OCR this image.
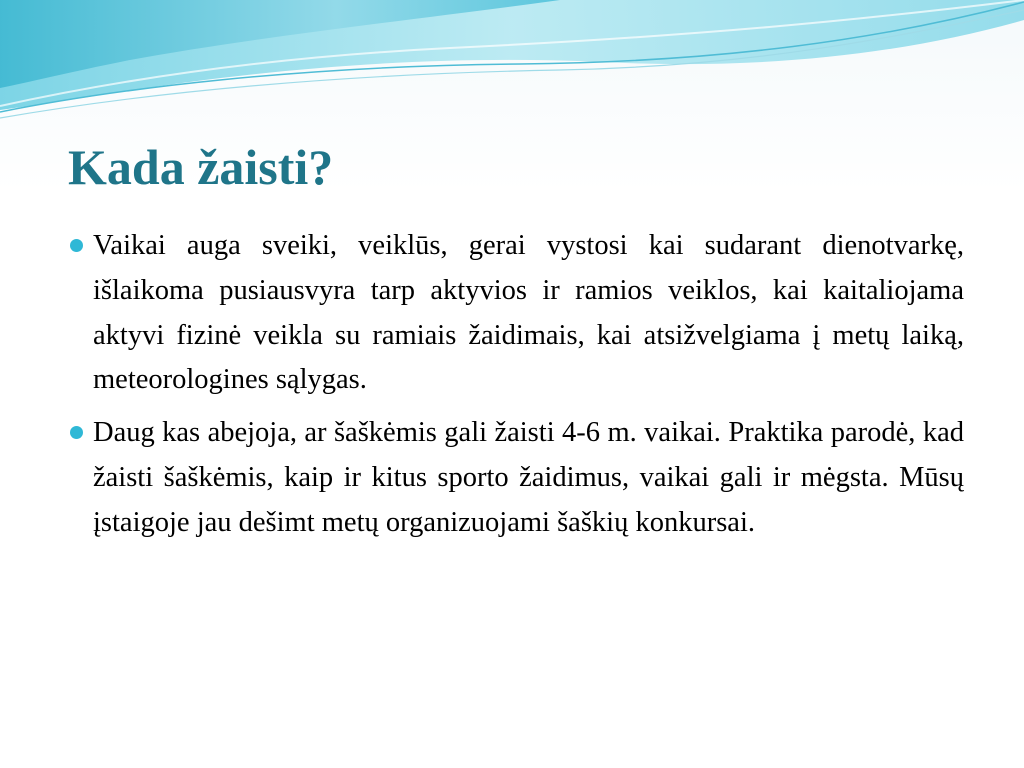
Kada žaisti?
Vaikai auga sveiki, veiklūs, gerai vystosi kai sudarant dienotvarkę, išlaikoma pusiausvyra tarp aktyvios ir ramios veiklos, kai kaitaliojama aktyvi fizinė veikla su ramiais žaidimais, kai atsižvelgiama į metų laiką, meteorologines sąlygas.
Daug kas abejoja, ar šaškėmis gali žaisti 4-6 m. vaikai. Praktika parodė, kad žaisti šaškėmis, kaip ir kitus sporto žaidimus, vaikai gali ir mėgsta. Mūsų įstaigoje jau dešimt metų organizuojami šaškių konkursai.
